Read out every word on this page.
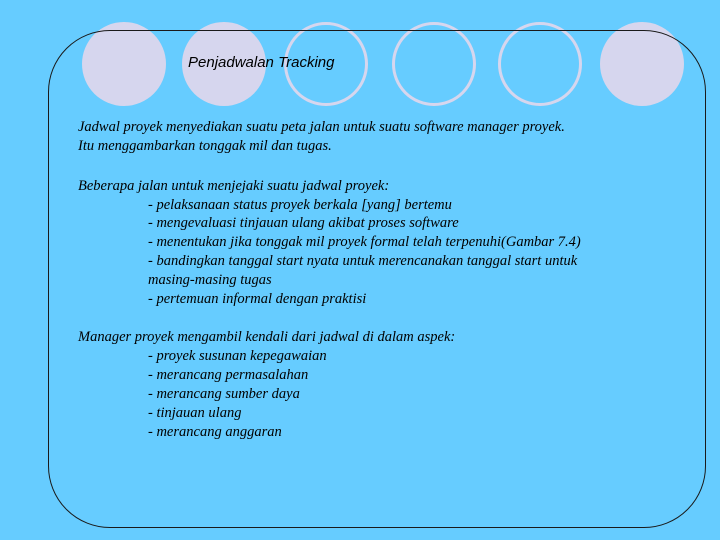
Penjadwalan Tracking
Jadwal proyek menyediakan suatu peta jalan untuk suatu software manager proyek.
Itu menggambarkan tonggak mil dan tugas.
Beberapa jalan untuk menjejaki suatu jadwal proyek:
- pelaksanaan status proyek berkala [yang] bertemu
- mengevaluasi tinjauan ulang akibat proses software
- menentukan jika tonggak mil proyek formal telah terpenuhi(Gambar 7.4)
- bandingkan tanggal start nyata untuk merencanakan tanggal start untuk
masing-masing tugas
- pertemuan informal dengan praktisi
Manager proyek mengambil kendali dari jadwal di dalam aspek:
- proyek susunan kepegawaian
- merancang permasalahan
- merancang sumber daya
- tinjauan ulang
- merancang anggaran
